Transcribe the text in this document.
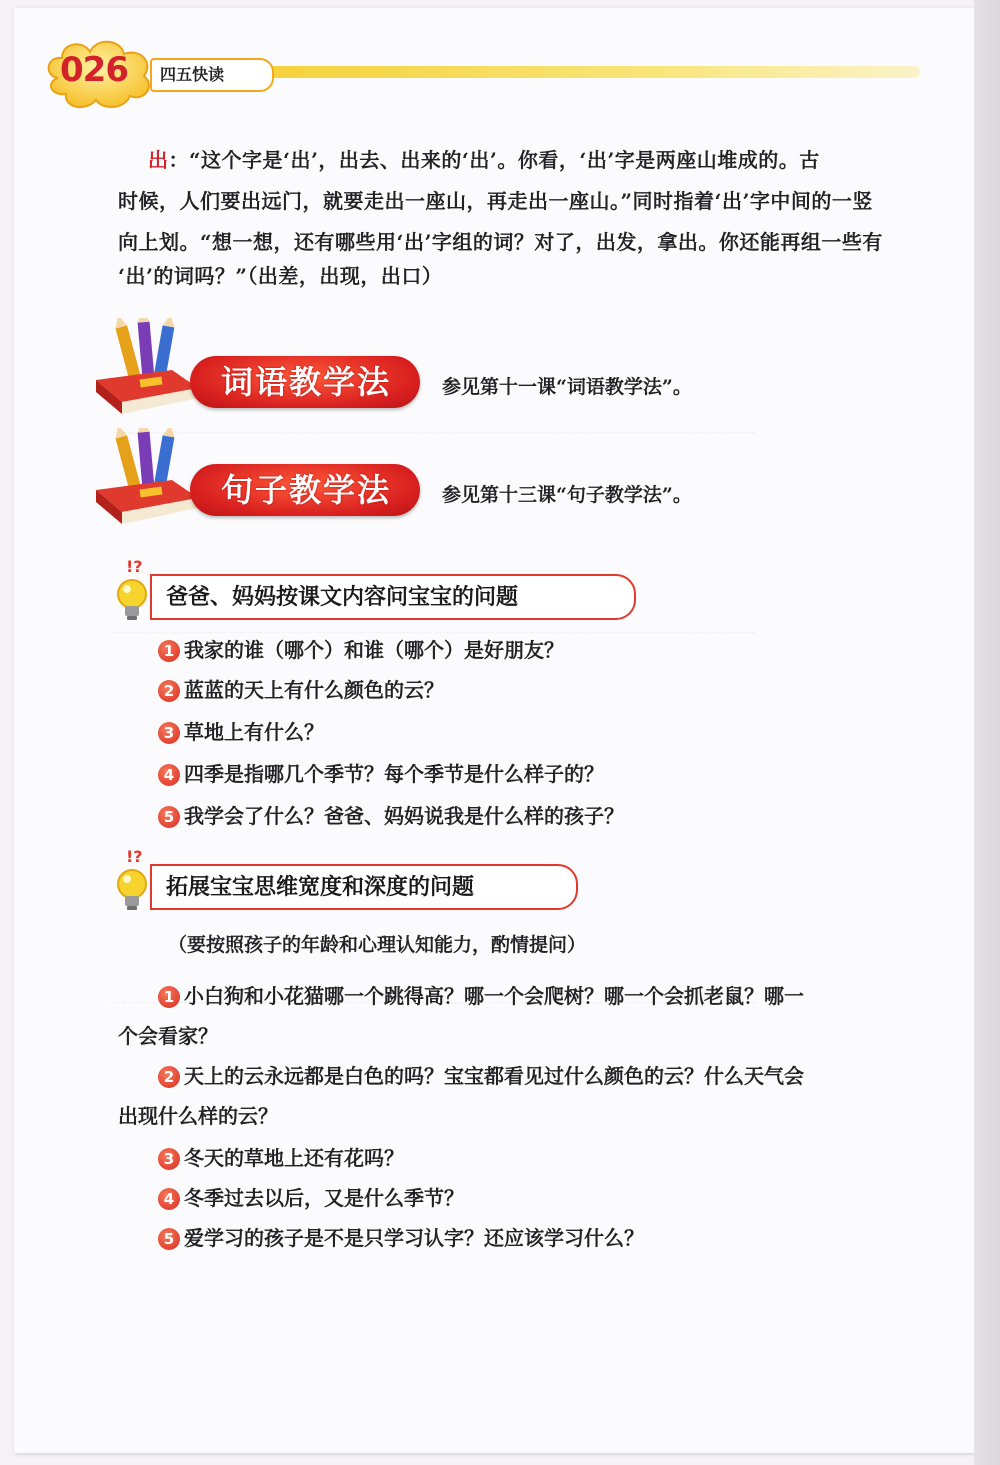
026 四五快读
出：“这个字是‘出’，出去、出来的‘出’。你看，‘出’字是两座山堆成的。古
时候，人们要出远门，就要走出一座山，再走出一座山。”同时指着‘出’字中间的一竖
向上划。“想一想，还有哪些用‘出’字组的词？对了，出发，拿出。你还能再组一些有
‘出’的词吗？”（出差，出现，出口）
词语教学法	参见第十一课“词语教学法”。
句子教学法	参见第十三课“句子教学法”。
!?
爸爸、妈妈按课文内容问宝宝的问题
1 我家的谁（哪个）和谁（哪个）是好朋友？
2 蓝蓝的天上有什么颜色的云？
3 草地上有什么？
4 四季是指哪几个季节？每个季节是什么样子的？
5 我学会了什么？爸爸、妈妈说我是什么样的孩子？
!?
拓展宝宝思维宽度和深度的问题
（要按照孩子的年龄和心理认知能力，酌情提问）
1 小白狗和小花猫哪一个跳得高？哪一个会爬树？哪一个会抓老鼠？哪一
个会看家？
2 天上的云永远都是白色的吗？宝宝都看见过什么颜色的云？什么天气会
出现什么样的云？
3 冬天的草地上还有花吗？
4 冬季过去以后，又是什么季节？
5 爱学习的孩子是不是只学习认字？还应该学习什么？
